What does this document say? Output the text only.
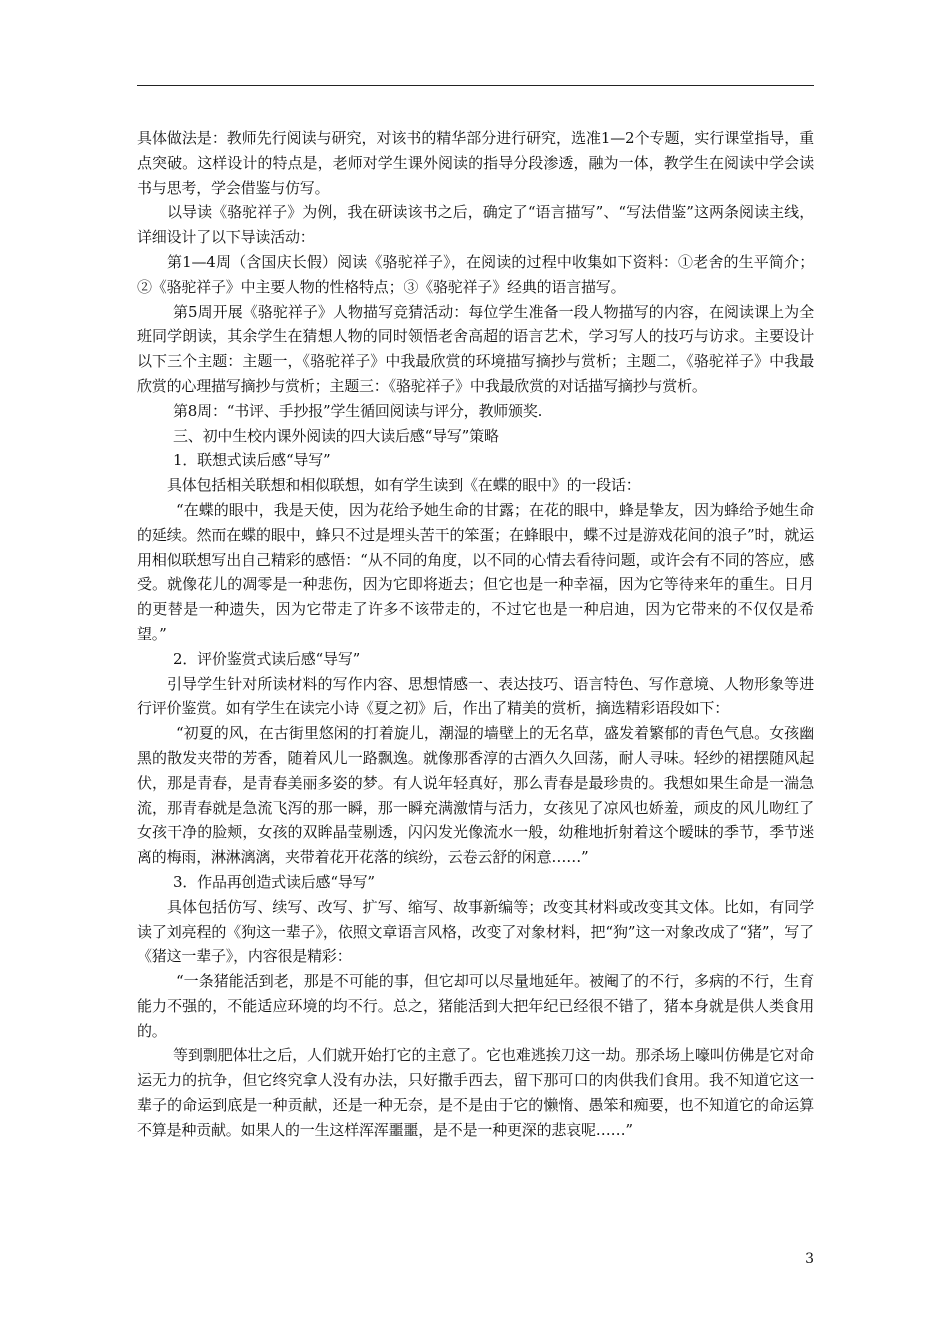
具体做法是：教师先行阅读与研究，对该书的精华部分进行研究，选准1—2个专题，实行课堂指导，重点突破。这样设计的特点是，老师对学生课外阅读的指导分段渗透，融为一体，教学生在阅读中学会读书与思考，学会借鉴与仿写。

以导读《骆驼祥子》为例，我在研读该书之后，确定了“语言描写”、“写法借鉴”这两条阅读主线，详细设计了以下导读活动：

第1—4周（含国庆长假）阅读《骆驼祥子》，在阅读的过程中收集如下资料：①老舍的生平简介；②《骆驼祥子》中主要人物的性格特点；③《骆驼祥子》经典的语言描写。

第5周开展《骆驼祥子》人物描写竞猜活动：每位学生准备一段人物描写的内容，在阅读课上为全班同学朗读，其余学生在猜想人物的同时领悟老舍高超的语言艺术，学习写人的技巧与访求。主要设计以下三个主题：主题一，《骆驼祥子》中我最欣赏的环境描写摘抄与赏析；主题二，《骆驼祥子》中我最欣赏的心理描写摘抄与赏析；主题三：《骆驼祥子》中我最欣赏的对话描写摘抄与赏析。

第8周：“书评、手抄报”学生循回阅读与评分，教师颁奖.

三、初中生校内课外阅读的四大读后感“导写”策略

1．联想式读后感“导写”

具体包括相关联想和相似联想，如有学生读到《在蝶的眼中》的一段话：

“在蝶的眼中，我是天使，因为花给予她生命的甘露；在花的眼中，蜂是挚友，因为蜂给予她生命的延续。然而在蝶的眼中，蜂只不过是埋头苦干的笨蛋；在蜂眼中，蝶不过是游戏花间的浪子”时，就运用相似联想写出自己精彩的感悟：“从不同的角度，以不同的心情去看待问题，或许会有不同的答应，感受。就像花儿的凋零是一种悲伤，因为它即将逝去；但它也是一种幸福，因为它等待来年的重生。日月的更替是一种遗失，因为它带走了许多不该带走的，不过它也是一种启迪，因为它带来的不仅仅是希望。”

2．评价鉴赏式读后感“导写”

引导学生针对所读材料的写作内容、思想情感一、表达技巧、语言特色、写作意境、人物形象等进行评价鉴赏。如有学生在读完小诗《夏之初》后，作出了精美的赏析，摘选精彩语段如下：

“初夏的风，在古街里悠闲的打着旋儿，潮湿的墙壁上的无名草，盛发着繁郁的青色气息。女孩幽黑的散发夹带的芳香，随着风儿一路飘逸。就像那香淳的古酒久久回荡，耐人寻味。轻纱的裙摆随风起伏，那是青春，是青春美丽多姿的梦。有人说年轻真好，那么青春是最珍贵的。我想如果生命是一湍急流，那青春就是急流飞泻的那一瞬，那一瞬充满激情与活力，女孩见了凉风也娇羞，顽皮的风儿吻红了女孩干净的脸颊，女孩的双眸晶莹剔透，闪闪发光像流水一般，幼稚地折射着这个暧昧的季节，季节迷离的梅雨，淋淋漓漓，夹带着花开花落的缤纷，云卷云舒的闲意……”

3．作品再创造式读后感“导写”

具体包括仿写、续写、改写、扩写、缩写、故事新编等；改变其材料或改变其文体。比如，有同学读了刘亮程的《狗这一辈子》，依照文章语言风格，改变了对象材料，把“狗”这一对象改成了“猪”，写了《猪这一辈子》，内容很是精彩：

“一条猪能活到老，那是不可能的事，但它却可以尽量地延年。被阉了的不行，多病的不行，生育能力不强的，不能适应环境的均不行。总之，猪能活到大把年纪已经很不错了，猪本身就是供人类食用的。

等到剽肥体壮之后，人们就开始打它的主意了。它也难逃挨刀这一劫。那杀场上嚎叫仿佛是它对命运无力的抗争，但它终究拿人没有办法，只好撒手西去，留下那可口的肉供我们食用。我不知道它这一辈子的命运到底是一种贡献，还是一种无奈，是不是由于它的懒惰、愚笨和痴要，也不知道它的命运算不算是种贡献。如果人的一生这样浑浑噩噩，是不是一种更深的悲哀呢……”

3
